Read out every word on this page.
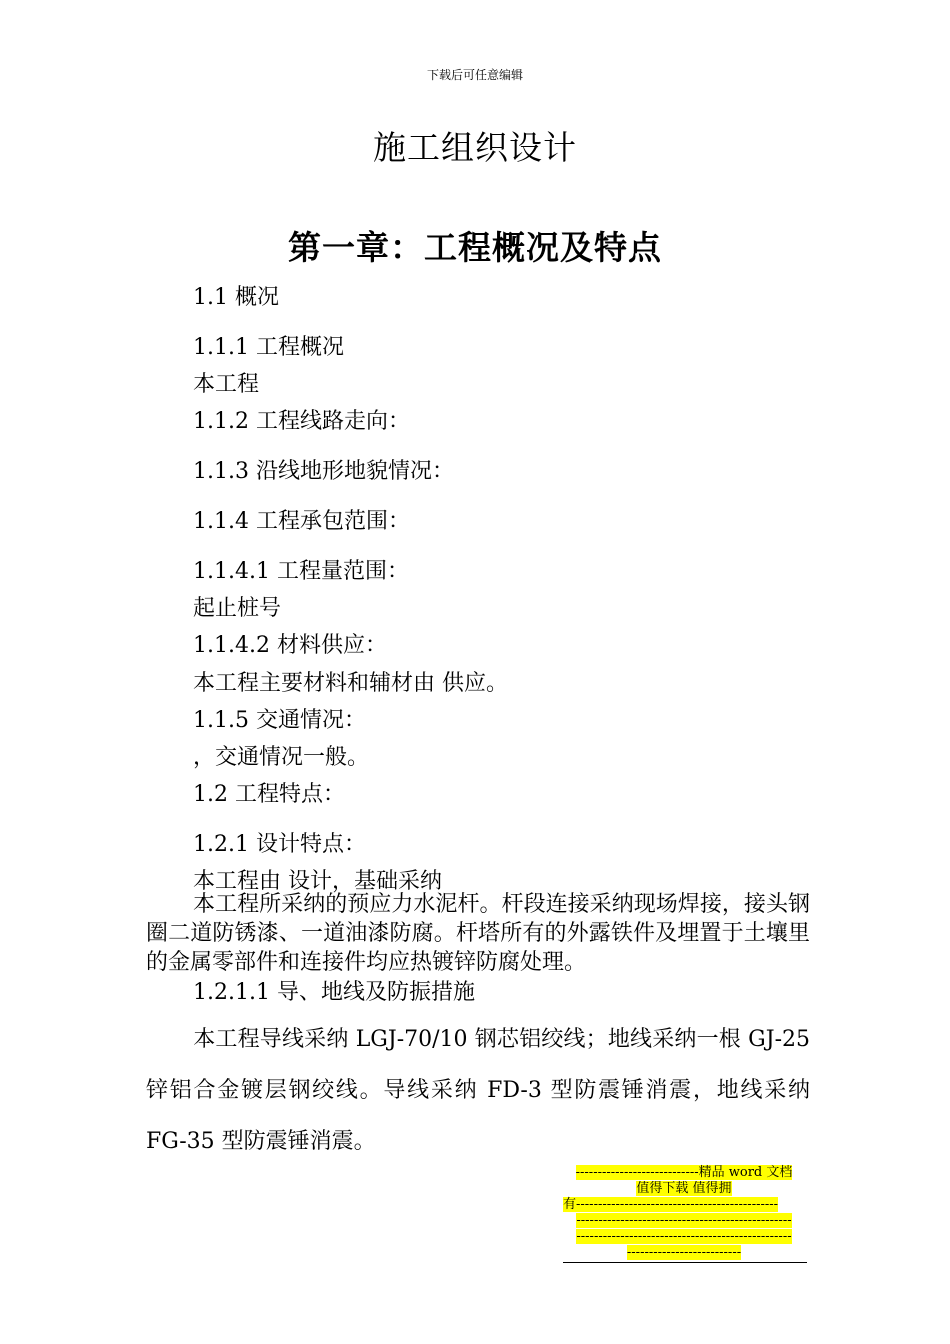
下载后可任意编辑
施工组织设计
第一章：工程概况及特点
1.1 概况
1.1.1 工程概况
本工程
1.1.2 工程线路走向：
1.1.3 沿线地形地貌情况：
1.1.4 工程承包范围：
1.1.4.1 工程量范围：
起止桩号
1.1.4.2 材料供应：
本工程主要材料和辅材由 供应。
1.1.5 交通情况：
，交通情况一般。
1.2 工程特点：
1.2.1 设计特点：
本工程由 设计，基础采纳
本工程所采纳的预应力水泥杆。杆段连接采纳现场焊接，接头钢圈二道防锈漆、一道油漆防腐。杆塔所有的外露铁件及埋置于土壤里的金属零部件和连接件均应热镀锌防腐处理。
1.2.1.1 导、地线及防振措施
本工程导线采纳 LGJ-70/10 钢芯铝绞线；地线采纳一根 GJ-25 锌铝合金镀层钢绞线。导线采纳 FD-3 型防震锤消震，地线采纳 FG-35 型防震锤消震。
----------------------------精品 word 文档
值得下载 值得拥
有----------------------------------------------
-------------------------------------------------
-------------------------------------------------
--------------------------
